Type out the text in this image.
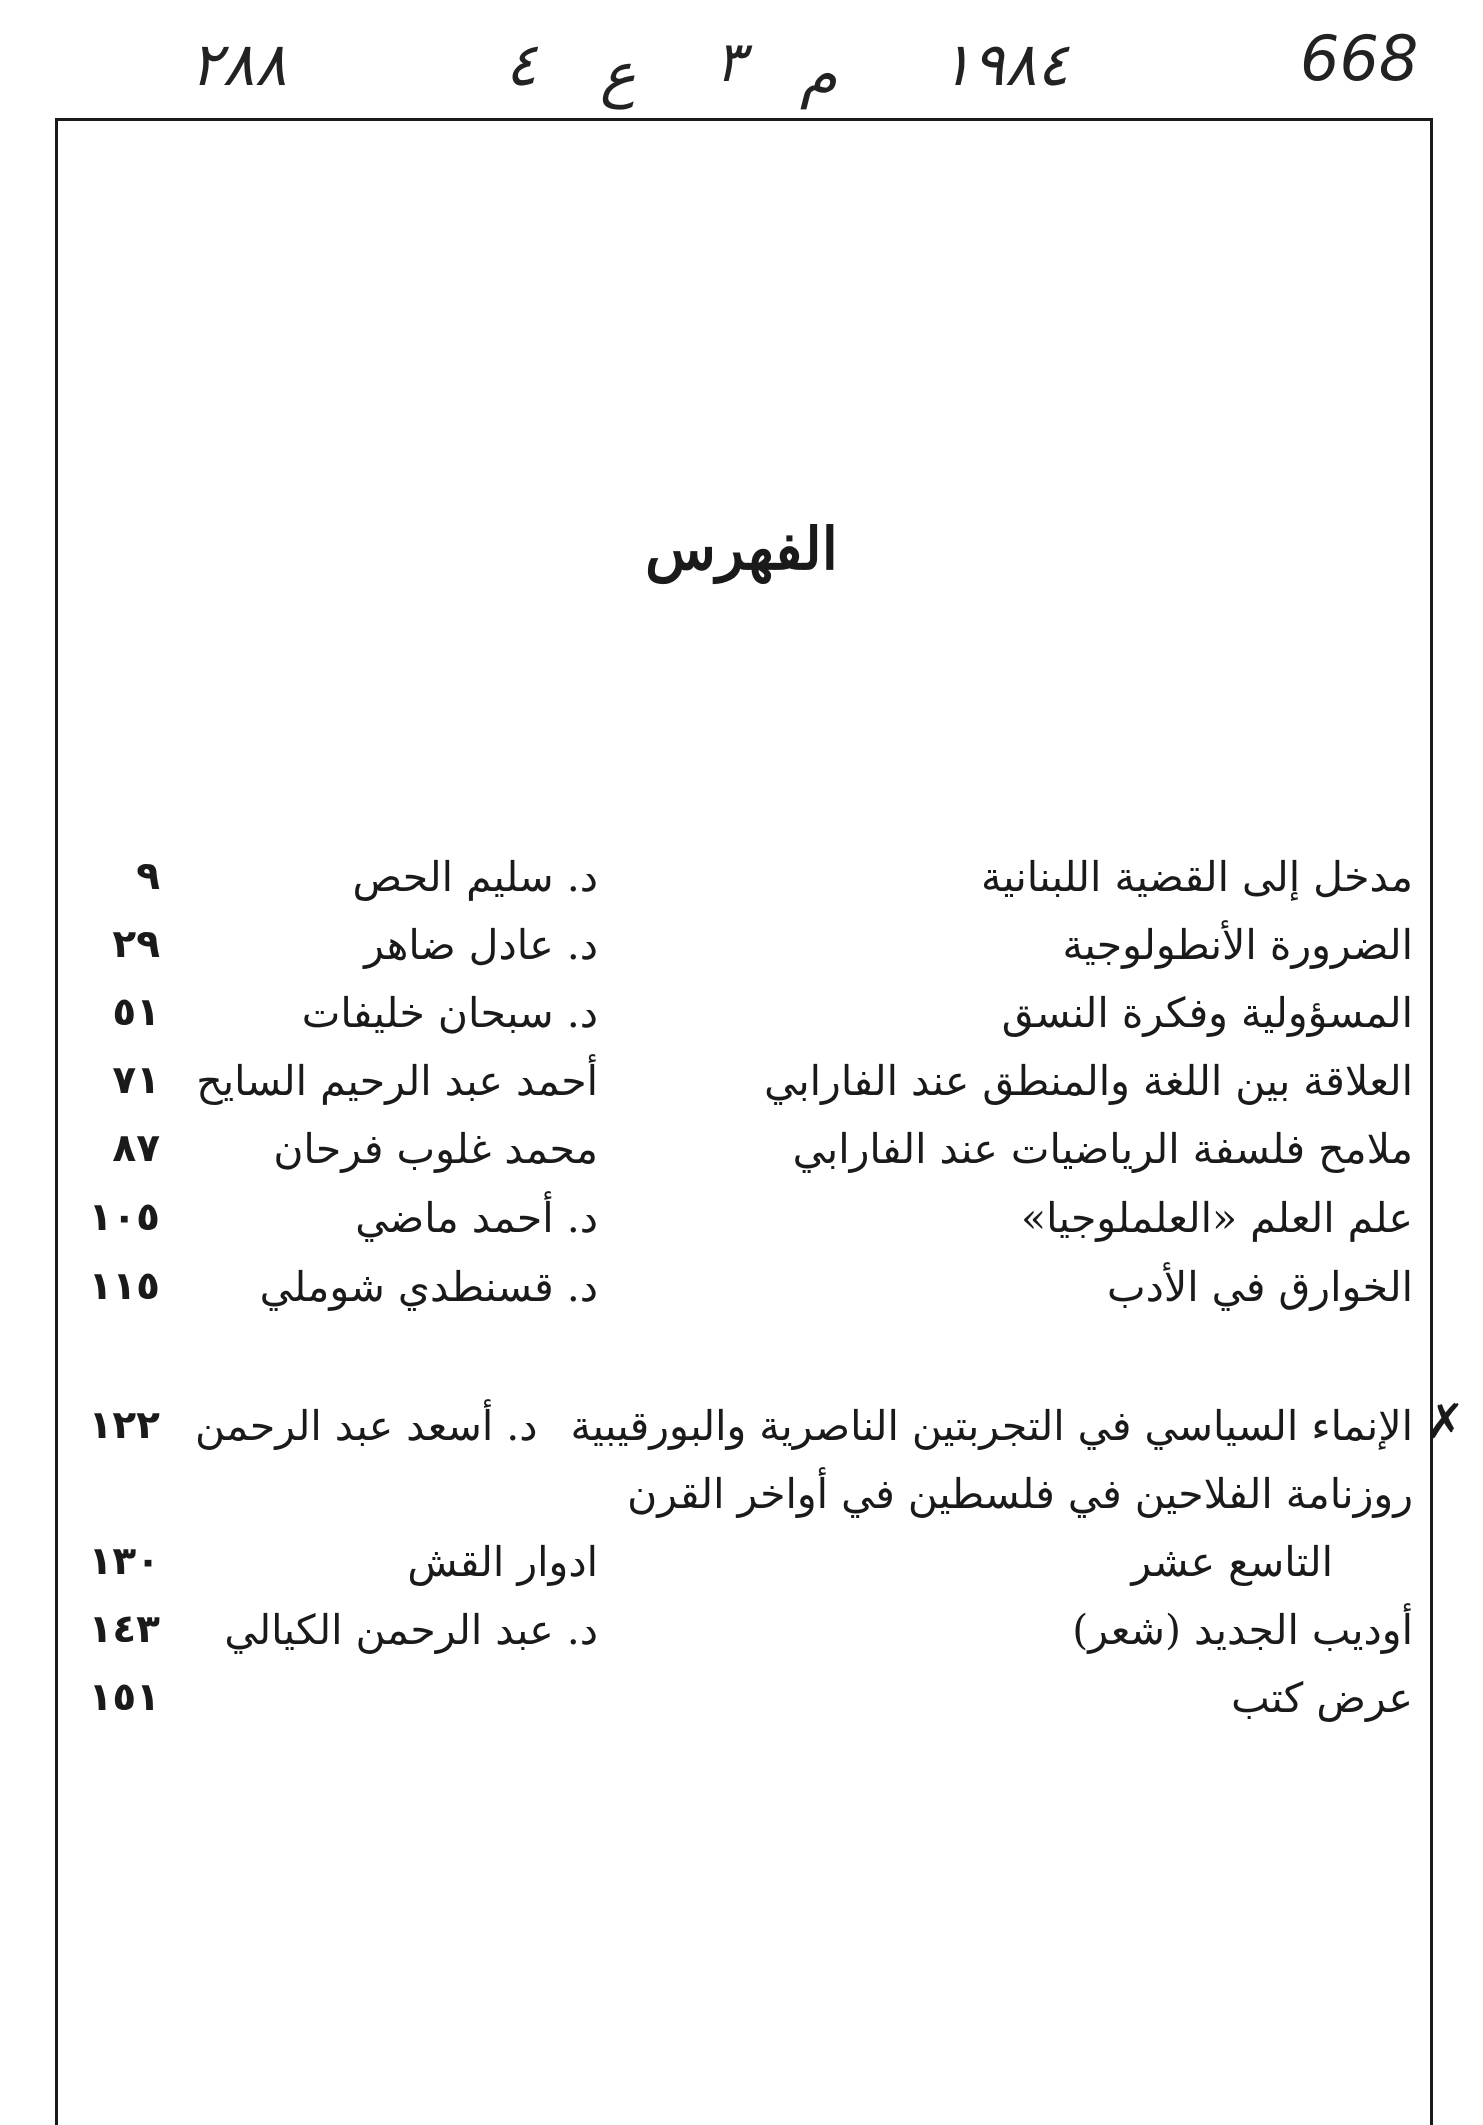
٢٨٨	٤ ع ٣ م ١٩٨٤	668
الفهرس
مدخل إلى القضية اللبنانية
د. سليم الحص
٩
الضرورة الأنطولوجية
د. عادل ضاهر
٢٩
المسؤولية وفكرة النسق
د. سبحان خليفات
٥١
العلاقة بين اللغة والمنطق عند الفارابي
أحمد عبد الرحيم السايح
٧١
ملامح فلسفة الرياضيات عند الفارابي
محمد غلوب فرحان
٨٧
علم العلم «العلملوجيا»
د. أحمد ماضي
١٠٥
الخوارق في الأدب
د. قسنطدي شوملي
١١٥
الإنماء السياسي في التجربتين الناصرية والبورقيبية
١٢٢ د. أسعد عبد الرحمن
روزنامة الفلاحين في فلسطين في أواخر القرن
التاسع عشر
ادوار القش
١٣٠
أوديب الجديد (شعر)
د. عبد الرحمن الكيالي
١٤٣
عرض كتب
١٥١
✗
